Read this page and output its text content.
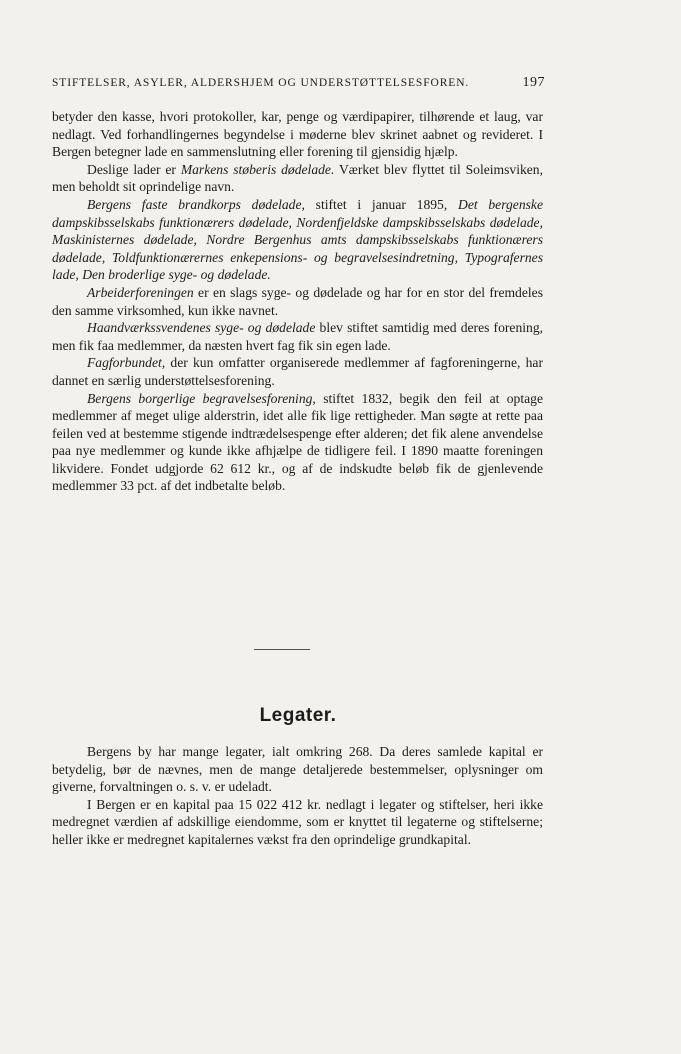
STIFTELSER, ASYLER, ALDERSHJEM OG UNDERSTØTTELSESFOREN.	197

betyder den kasse, hvori protokoller, kar, penge og værdipapirer, tilhørende et laug, var nedlagt. Ved forhandlingernes begyndelse i møderne blev skrinet aabnet og revideret. I Bergen betegner lade en sammenslutning eller forening til gjensidig hjælp.

Deslige lader er Markens støberis dødelade. Værket blev flyttet til Soleimsviken, men beholdt sit oprindelige navn.

Bergens faste brandkorps dødelade, stiftet i januar 1895, Det bergenske dampskibsselskabs funktionærers dødelade, Nordenfjeldske dampskibsselskabs dødelade, Maskinisternes dødelade, Nordre Bergenhus amts dampskibsselskabs funktionærers dødelade, Toldfunktionærernes enkepensions- og begravelsesindretning, Typografernes lade, Den broderlige syge- og dødelade.

Arbeiderforeningen er en slags syge- og dødelade og har for en stor del fremdeles den samme virksomhed, kun ikke navnet.

Haandværkssvendenes syge- og dødelade blev stiftet samtidig med deres forening, men fik faa medlemmer, da næsten hvert fag fik sin egen lade.

Fagforbundet, der kun omfatter organiserede medlemmer af fagforeningerne, har dannet en særlig understøttelsesforening.

Bergens borgerlige begravelsesforening, stiftet 1832, begik den feil at optage medlemmer af meget ulige alderstrin, idet alle fik lige rettigheder. Man søgte at rette paa feilen ved at bestemme stigende indtrædelsespenge efter alderen; det fik alene anvendelse paa nye medlemmer og kunde ikke afhjælpe de tidligere feil. I 1890 maatte foreningen likvidere. Fondet udgjorde 62 612 kr., og af de indskudte beløb fik de gjenlevende medlemmer 33 pct. af det indbetalte beløb.

Legater.

Bergens by har mange legater, ialt omkring 268. Da deres samlede kapital er betydelig, bør de nævnes, men de mange detaljerede bestemmelser, oplysninger om giverne, forvaltningen o. s. v. er udeladt.

I Bergen er en kapital paa 15 022 412 kr. nedlagt i legater og stiftelser, heri ikke medregnet værdien af adskillige eiendomme, som er knyttet til legaterne og stiftelserne; heller ikke er medregnet kapitalernes vækst fra den oprindelige grundkapital.
